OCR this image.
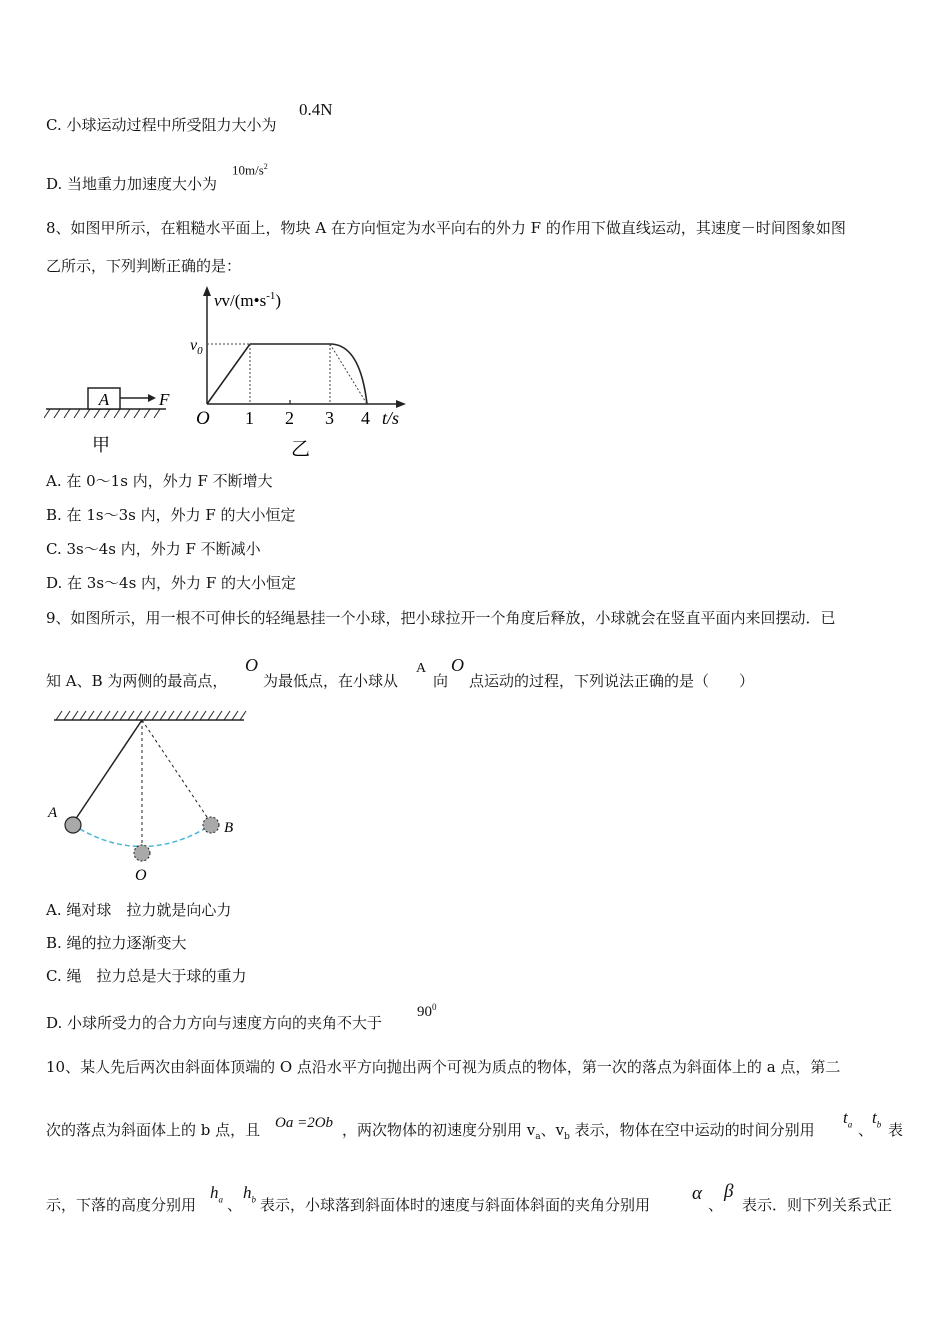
C. 小球运动过程中所受阻力大小为
0.4N
D. 当地重力加速度大小为
$10m/s^2$
8、如图甲所示，在粗糙水平面上，物块 A 在方向恒定为水平向右的外力 F 的作用下做直线运动，其速度－时间图象如图
乙所示，下列判断正确的是：
A	F
甲
$vv/(m•s^{-1})$
$v_0$
O 1 2 3 4 t/s
乙
A. 在 0～1s 内，外力 F 不断增大
B. 在 1s～3s 内，外力 F 的大小恒定
C. 3s～4s 内，外力 F 不断减小
D. 在 3s～4s 内，外力 F 的大小恒定
9、如图所示，用一根不可伸长的轻绳悬挂一个小球，把小球拉开一个角度后释放，小球就会在竖直平面内来回摆动．已
知 A、B 为两侧的最高点，
O
为最低点，在小球从
A
向
O
点运动的过程，下列说法正确的是（　　）
A
B
O
A. 绳对球　拉力就是向心力
B. 绳的拉力逐渐变大
C. 绳　拉力总是大于球的重力
D. 小球所受力的合力方向与速度方向的夹角不大于
$90^0$
10、某人先后两次由斜面体顶端的 O 点沿水平方向抛出两个可视为质点的物体，第一次的落点为斜面体上的 a 点，第二
次的落点为斜面体上的 b 点，且 Oa =2Ob ，两次物体的初速度分别用 $v_a$、$v_b$ 表示，物体在空中运动的时间分别用
$t_a$ 、
$t_b$ 表
示，下落的高度分别用
$h_a$ 、
$h_b$ 表示，小球落到斜面体时的速度与斜面体斜面的夹角分别用
α
、
β
表示．则下列关系式正
